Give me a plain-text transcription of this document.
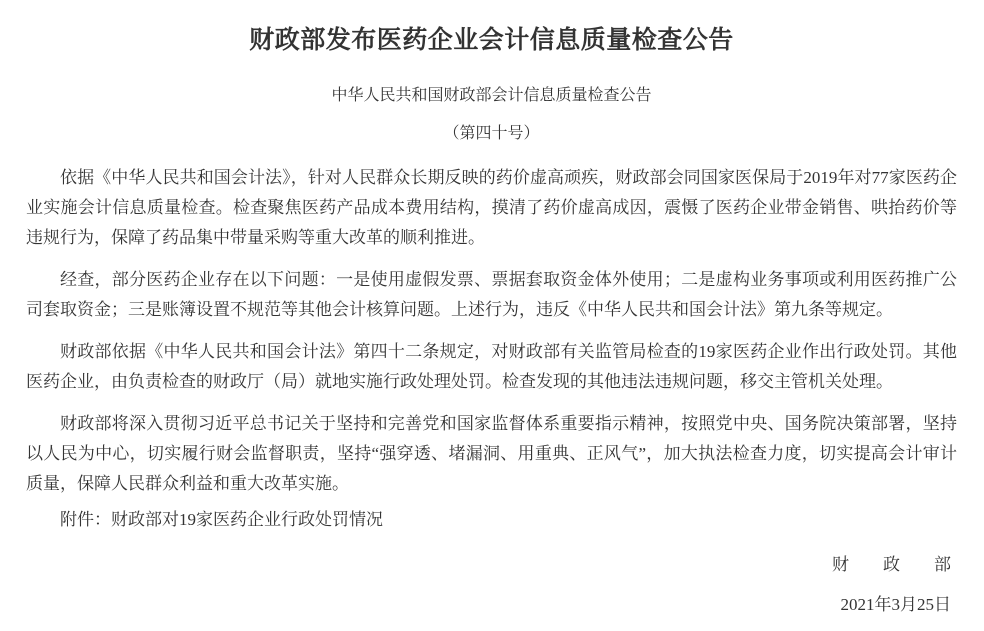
财政部发布医药企业会计信息质量检查公告
中华人民共和国财政部会计信息质量检查公告
（第四十号）

依据《中华人民共和国会计法》，针对人民群众长期反映的药价虚高顽疾，财政部会同国家医保局于2019年对77家医药企业实施会计信息质量检查。检查聚焦医药产品成本费用结构，摸清了药价虚高成因，震慑了医药企业带金销售、哄抬药价等违规行为，保障了药品集中带量采购等重大改革的顺利推进。

经查，部分医药企业存在以下问题：一是使用虚假发票、票据套取资金体外使用；二是虚构业务事项或利用医药推广公司套取资金；三是账簿设置不规范等其他会计核算问题。上述行为，违反《中华人民共和国会计法》第九条等规定。

财政部依据《中华人民共和国会计法》第四十二条规定，对财政部有关监管局检查的19家医药企业作出行政处罚。其他医药企业，由负责检查的财政厅（局）就地实施行政处理处罚。检查发现的其他违法违规问题，移交主管机关处理。

财政部将深入贯彻习近平总书记关于坚持和完善党和国家监督体系重要指示精神，按照党中央、国务院决策部署，坚持以人民为中心，切实履行财会监督职责，坚持“强穿透、堵漏洞、用重典、正风气”，加大执法检查力度，切实提高会计审计质量，保障人民群众利益和重大改革实施。

附件：财政部对19家医药企业行政处罚情况

财　　政　　部
2021年3月25日
